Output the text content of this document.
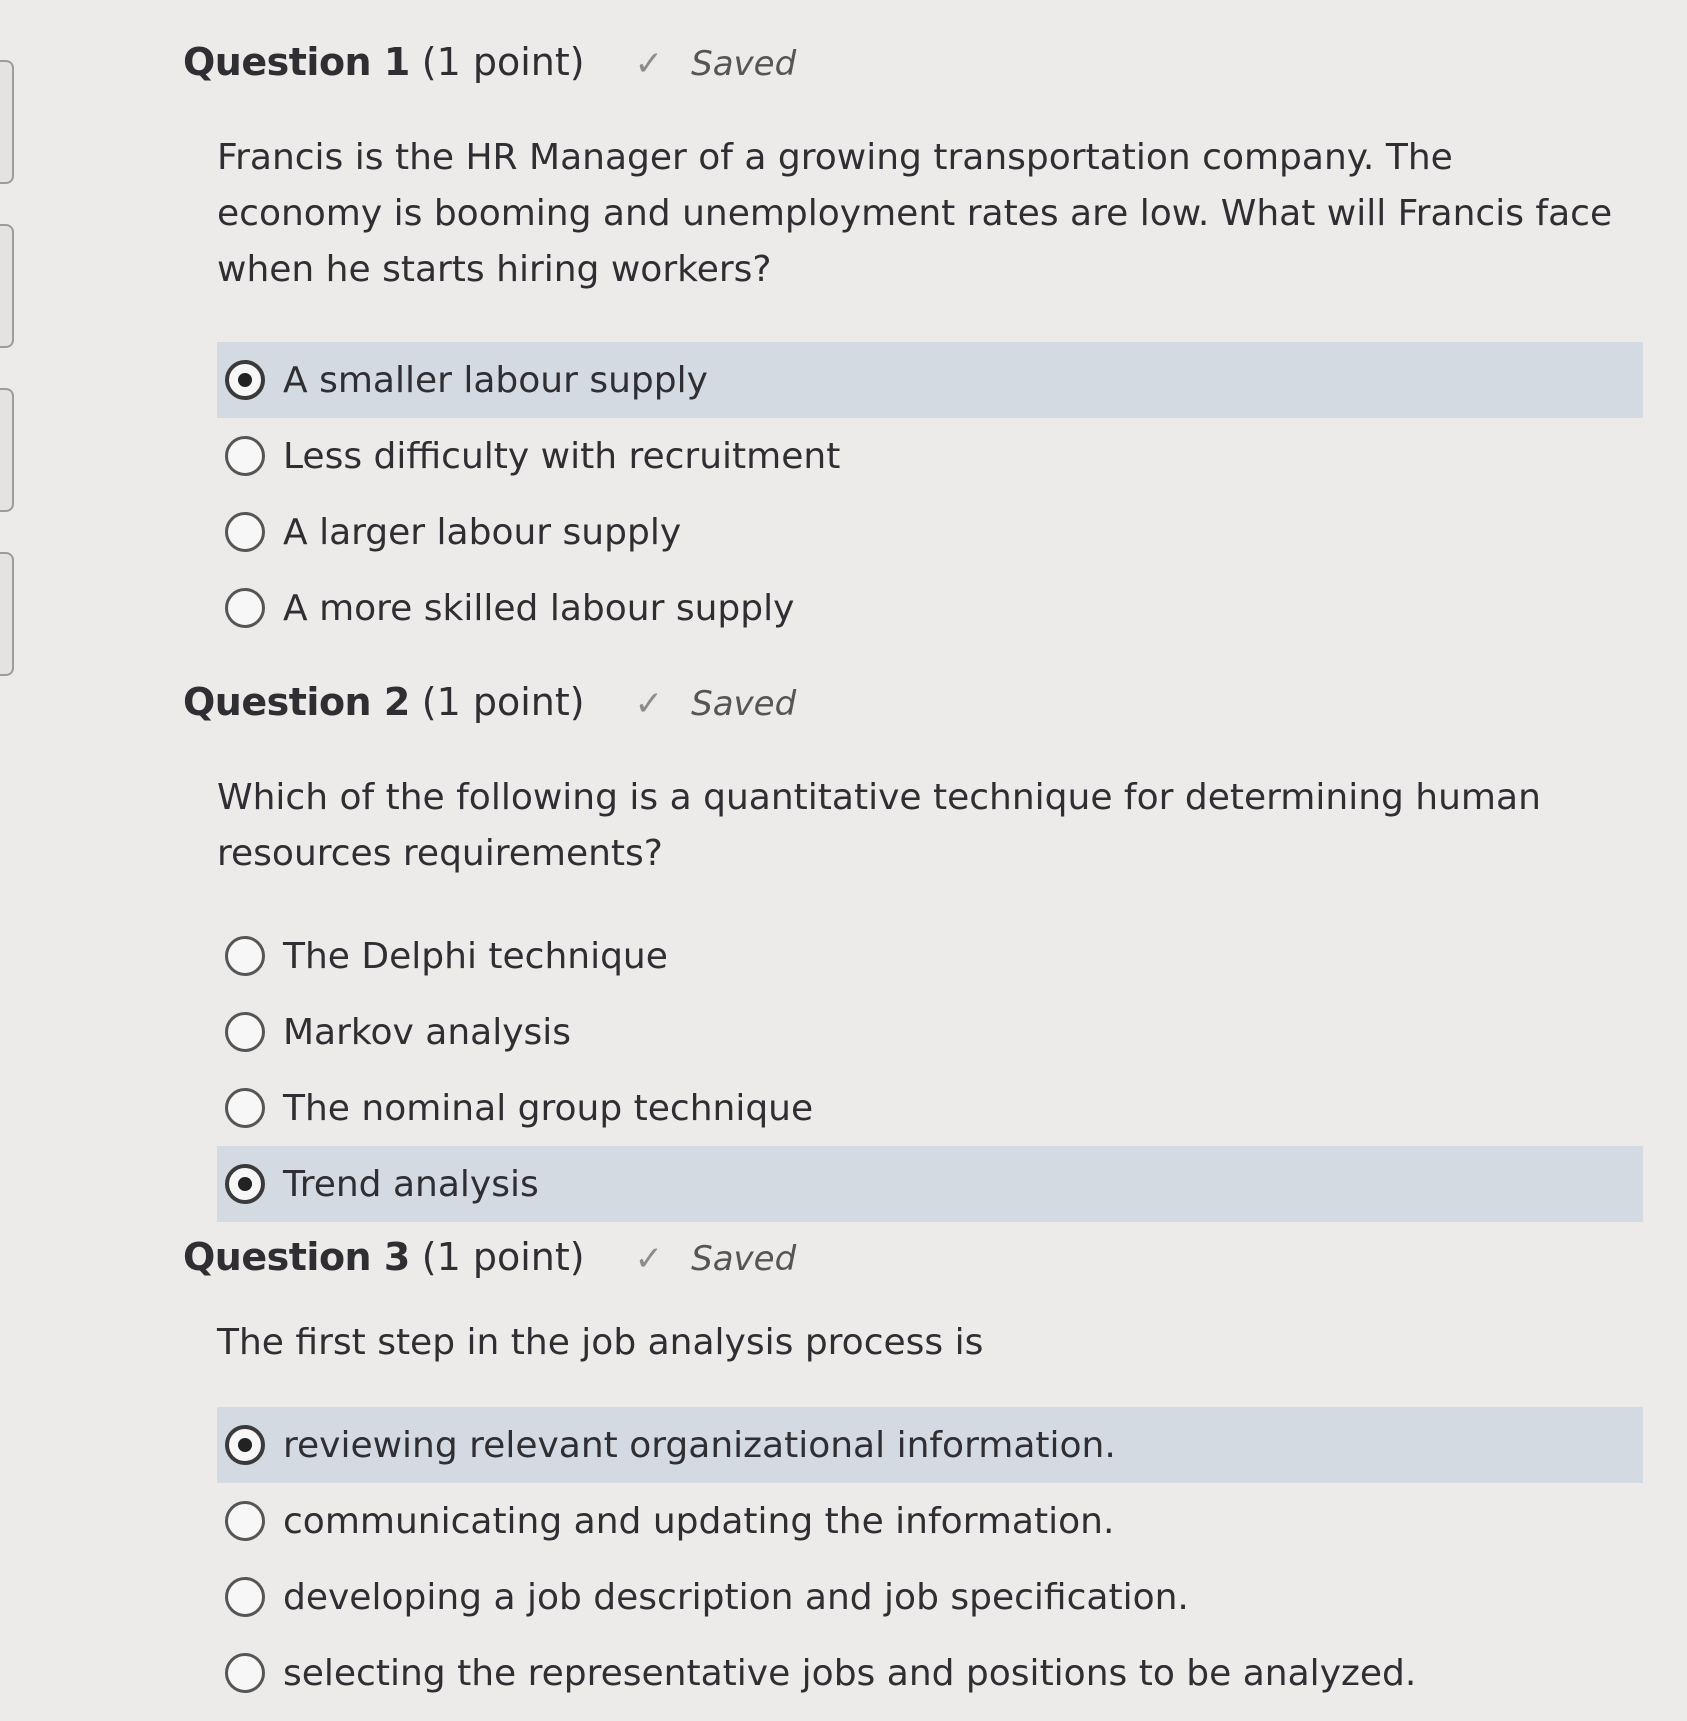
Question 1 (1 point) ✓ Saved
Francis is the HR Manager of a growing transportation company. The economy is booming and unemployment rates are low. What will Francis face when he starts hiring workers?
A smaller labour supply
Less difficulty with recruitment
A larger labour supply
A more skilled labour supply
Question 2 (1 point) ✓ Saved
Which of the following is a quantitative technique for determining human resources requirements?
The Delphi technique
Markov analysis
The nominal group technique
Trend analysis
Question 3 (1 point) ✓ Saved
The first step in the job analysis process is
reviewing relevant organizational information.
communicating and updating the information.
developing a job description and job specification.
selecting the representative jobs and positions to be analyzed.
